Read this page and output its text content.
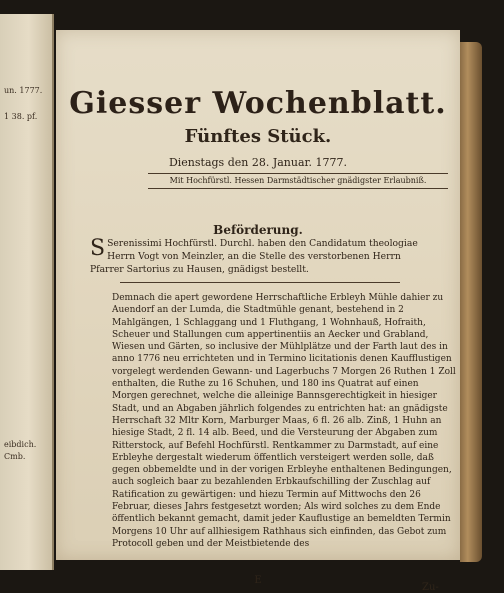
un. 1777.
1 38. pf.
eibdich.
Cmb.
Giesser Wochenblatt.
Fünftes Stück.
Dienstags den 28. Januar. 1777.
Mit Hochfürstl. Hessen Darmstädtischer gnädigster Erlaubniß.
Beförderung.
S Serenissimi Hochfürstl. Durchl. haben den Candidatum theologiae Herrn Vogt von Meinzler, an die Stelle des verstorbenen Herrn Pfarrer Sartorius zu Hausen, gnädigst bestellt.
Demnach die apert gewordene Herrschaftliche Erbleyh Mühle dahier zu Auendorf an der Lumda, die Stadtmühle genant, bestehend in 2 Mahlgängen, 1 Schlaggang und 1 Fluthgang, 1 Wohnhauß, Hofraith, Scheuer und Stallungen cum appertinentiis an Aecker und Grabland, Wiesen und Gärten, so inclusive der Mühlplätze und der Farth laut des in anno 1776 neu errichteten und in Termino licitationis denen Kaufflustigen vorgelegt werdenden Gewann- und Lagerbuchs 7 Morgen 26 Ruthen 1 Zoll enthalten, die Ruthe zu 16 Schuhen, und 180 ins Quatrat auf einen Morgen gerechnet, welche die alleinige Bannsgerechtigkeit in hiesiger Stadt, und an Abgaben jährlich folgendes zu entrichten hat: an gnädigste Herrschaft 32 Mltr Korn, Marburger Maas, 6 fl. 26 alb. Zinß, 1 Huhn an hiesige Stadt, 2 fl. 14 alb. Beed, und die Versteurung der Abgaben zum Ritterstock, auf Befehl Hochfürstl. Rentkammer zu Darmstadt, auf eine Erbleyhe dergestalt wiederum öffentlich versteigert werden solle, daß gegen obbemeldte und in der vorigen Erbleyhe enthaltenen Bedingungen, auch sogleich baar zu bezahlenden Erbkaufschilling der Zuschlag auf Ratification zu gewärtigen: und hiezu Termin auf Mittwochs den 26 Februar, dieses Jahrs festgesetzt worden; Als wird solches zu dem Ende öffentlich bekannt gemacht, damit jeder Kauflustige an bemeldten Termin Morgens 10 Uhr auf allhiesigem Rathhaus sich einfinden, das Gebot zum Protocoll geben und der Meistbietende des
E
Zu-
